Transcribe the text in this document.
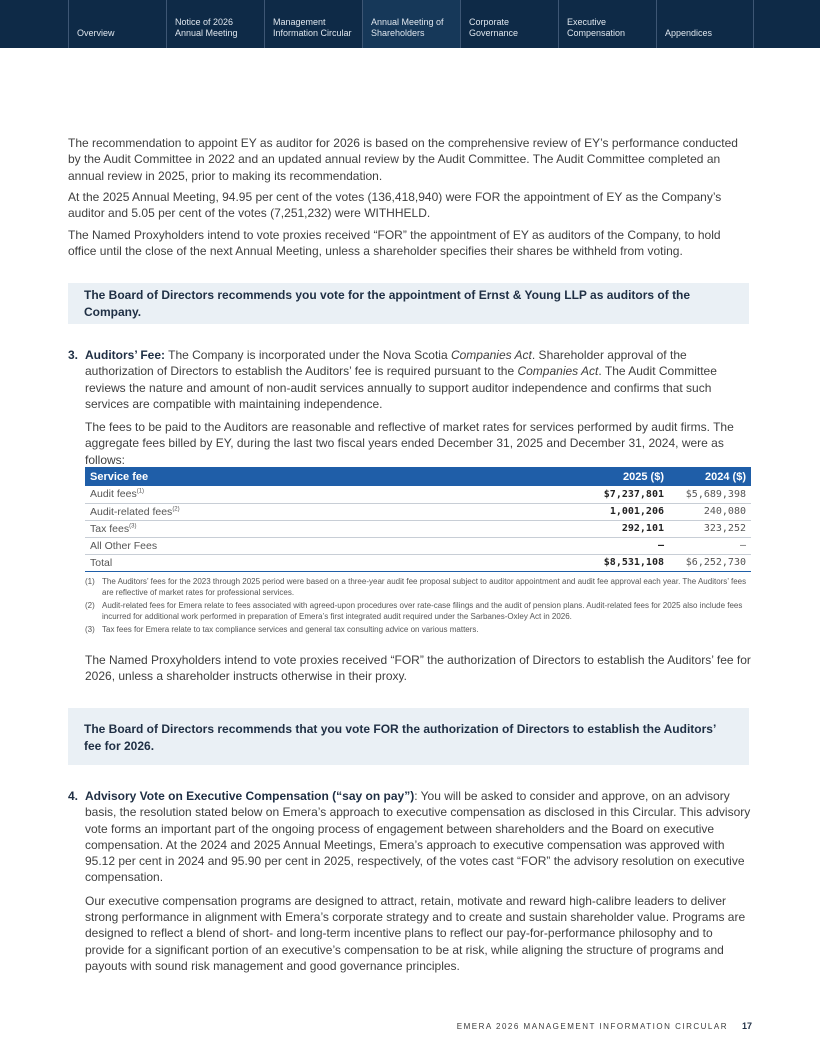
Overview
Notice of 2026
Annual Meeting
Management
Information Circular
Annual Meeting of
Shareholders
Corporate
Governance
Executive
Compensation	Appendices

The recommendation to appoint EY as auditor for 2026 is based on the comprehensive review of EY’s performance conducted by the Audit Committee in 2022 and an updated annual review by the Audit Committee. The Audit Committee completed an annual review in 2025, prior to making its recommendation.

At the 2025 Annual Meeting, 94.95 per cent of the votes (136,418,940) were FOR the appointment of EY as the Company’s auditor and 5.05 per cent of the votes (7,251,232) were WITHHELD.

The Named Proxyholders intend to vote proxies received “FOR” the appointment of EY as auditors of the Company, to hold office until the close of the next Annual Meeting, unless a shareholder specifies their shares be withheld from voting.

The Board of Directors recommends you vote for the appointment of Ernst & Young LLP as auditors of the Company.
3. Auditors’ Fee: The Company is incorporated under the Nova Scotia Companies Act. Shareholder approval of the authorization of Directors to establish the Auditors’ fee is required pursuant to the Companies Act. The Audit Committee reviews the nature and amount of non-audit services annually to support auditor independence and confirms that such services are compatible with maintaining independence.

The fees to be paid to the Auditors are reasonable and reflective of market rates for services performed by audit firms. The aggregate fees billed by EY, during the last two fiscal years ended December 31, 2025 and December 31, 2024, were as follows:

Service fee	2025 ($)	2024 ($)
Audit fees$^{(1)}$	$7,237,801	$5,689,398
Audit-related fees$^{(2)}$	1,001,206	240,080
Tax fees$^{(3)}$	292,101	323,252
All Other Fees	–	–
Total	$8,531,108	$6,252,730
(1) The Auditors’ fees for the 2023 through 2025 period were based on a three-year audit fee proposal subject to auditor appointment and audit fee approval each year. The Auditors’ fees are reflective of market rates for professional services.
(2) Audit-related fees for Emera relate to fees associated with agreed-upon procedures over rate-case filings and the audit of pension plans. Audit-related fees for 2025 also include fees incurred for additional work performed in preparation of Emera’s first integrated audit required under the Sarbanes-Oxley Act in 2026.
(3) Tax fees for Emera relate to tax compliance services and general tax consulting advice on various matters.

The Named Proxyholders intend to vote proxies received “FOR” the authorization of Directors to establish the Auditors’ fee for 2026, unless a shareholder instructs otherwise in their proxy.

The Board of Directors recommends that you vote FOR the authorization of Directors to establish the Auditors’ fee for 2026.
4. Advisory Vote on Executive Compensation (“say on pay”): You will be asked to consider and approve, on an advisory basis, the resolution stated below on Emera’s approach to executive compensation as disclosed in this Circular. This advisory vote forms an important part of the ongoing process of engagement between shareholders and the Board on executive compensation. At the 2024 and 2025 Annual Meetings, Emera’s approach to executive compensation was approved with 95.12 per cent in 2024 and 95.90 per cent in 2025, respectively, of the votes cast “FOR” the advisory resolution on executive compensation.

Our executive compensation programs are designed to attract, retain, motivate and reward high-calibre leaders to deliver strong performance in alignment with Emera’s corporate strategy and to create and sustain shareholder value. Programs are designed to reflect a blend of short- and long-term incentive plans to reflect our pay-for-performance philosophy and to provide for a significant portion of an executive’s compensation to be at risk, while aligning the structure of programs and payouts with sound risk management and good governance principles.

EMERA 2026 MANAGEMENT INFORMATION CIRCULAR 17
